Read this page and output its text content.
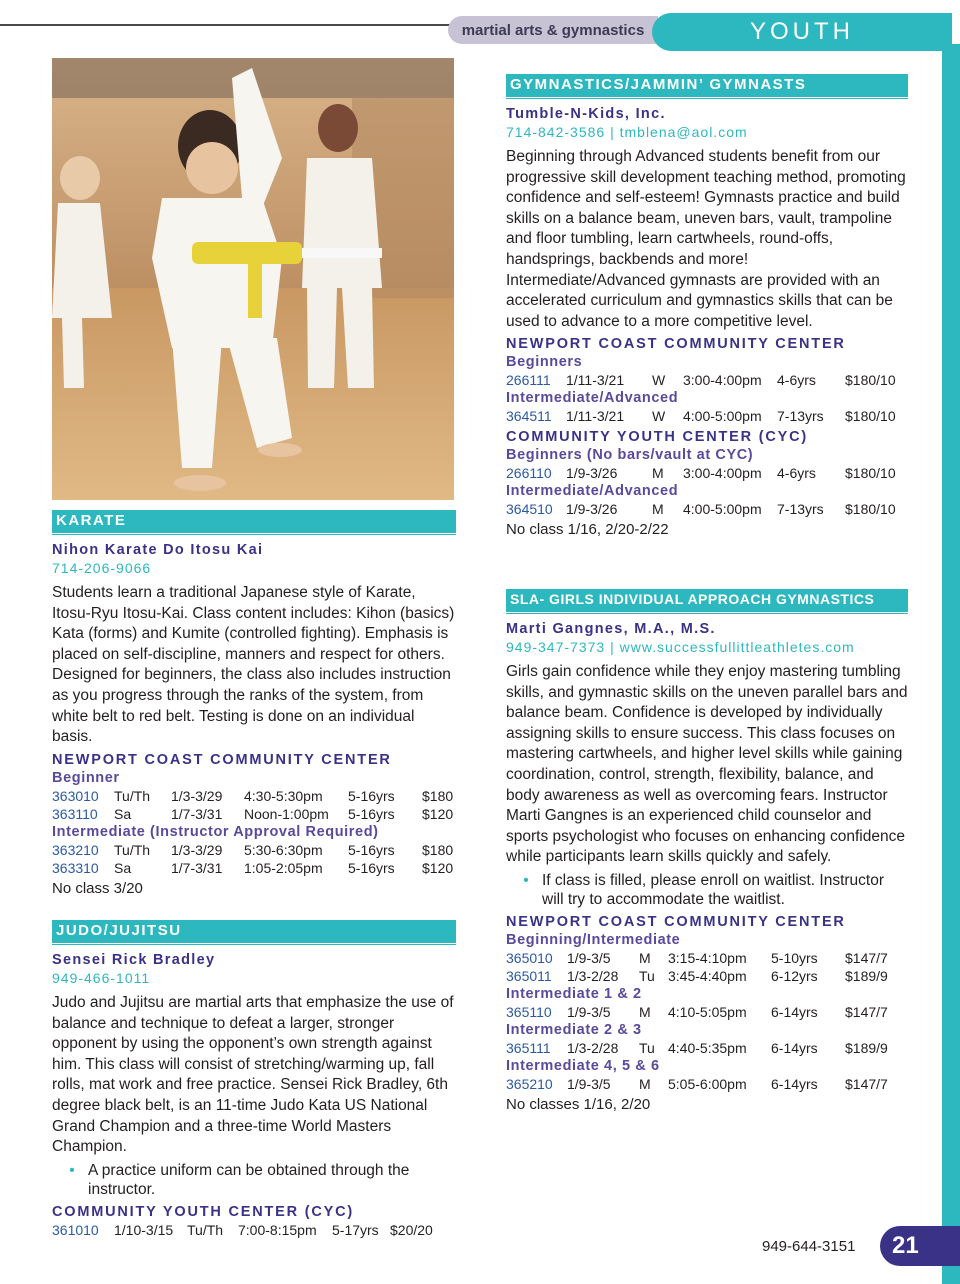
martial arts & gymnastics	YOUTH
KARATE
Nihon Karate Do Itosu Kai
714-206-9066
Students learn a traditional Japanese style of Karate, Itosu-Ryu Itosu-Kai. Class content includes: Kihon (basics) Kata (forms) and Kumite (controlled fighting). Emphasis is placed on self-discipline, manners and respect for others. Designed for beginners, the class also includes instruction as you progress through the ranks of the system, from white belt to red belt. Testing is done on an individual basis.
NEWPORT COAST COMMUNITY CENTER
Beginner
363010	Tu/Th	1/3-3/29	4:30-5:30pm	5-16yrs	$180
363110	Sa	1/7-3/31	Noon-1:00pm	5-16yrs	$120
Intermediate (Instructor Approval Required)
363210	Tu/Th	1/3-3/29	5:30-6:30pm	5-16yrs	$180
363310	Sa	1/7-3/31	1:05-2:05pm	5-16yrs	$120
No class 3/20
JUDO/JUJITSU
Sensei Rick Bradley
949-466-1011
Judo and Jujitsu are martial arts that emphasize the use of balance and technique to defeat a larger, stronger opponent by using the opponent’s own strength against him. This class will consist of stretching/warming up, fall rolls, mat work and free practice. Sensei Rick Bradley, 6th degree black belt, is an 11-time Judo Kata US National Grand Champion and a three-time World Masters Champion.
• A practice uniform can be obtained through the instructor.
COMMUNITY YOUTH CENTER (CYC)
361010	1/10-3/15 Tu/Th	7:00-8:15pm	5-17yrs $20/20
GYMNASTICS/JAMMIN’ GYMNASTS
Tumble-N-Kids, Inc.
714-842-3586 | tmblena@aol.com
Beginning through Advanced students benefit from our progressive skill development teaching method, promoting confidence and self-esteem! Gymnasts practice and build skills on a balance beam, uneven bars, vault, trampoline and floor tumbling, learn cartwheels, round-offs, handsprings, backbends and more! Intermediate/Advanced gymnasts are provided with an accelerated curriculum and gymnastics skills that can be used to advance to a more competitive level.
NEWPORT COAST COMMUNITY CENTER
Beginners
266111	1/11-3/21	W	3:00-4:00pm	4-6yrs	$180/10
Intermediate/Advanced
364511	1/11-3/21	W	4:00-5:00pm	7-13yrs	$180/10
COMMUNITY YOUTH CENTER (CYC)
Beginners (No bars/vault at CYC)
266110	1/9-3/26	M	3:00-4:00pm	4-6yrs	$180/10
Intermediate/Advanced
364510 1/9-3/26	M	4:00-5:00pm	7-13yrs	$180/10
No class 1/16, 2/20-2/22
SLA- GIRLS INDIVIDUAL APPROACH GYMNASTICS
Marti Gangnes, M.A., M.S.
949-347-7373 | www.successfullittleathletes.com
Girls gain confidence while they enjoy mastering tumbling skills, and gymnastic skills on the uneven parallel bars and balance beam. Confidence is developed by individually assigning skills to ensure success. This class focuses on mastering cartwheels, and higher level skills while gaining coordination, control, strength, flexibility, balance, and body awareness as well as overcoming fears. Instructor Marti Gangnes is an experienced child counselor and sports psychologist who focuses on enhancing confidence while participants learn skills quickly and safely.
• If class is filled, please enroll on waitlist. Instructor will try to accommodate the waitlist.
NEWPORT COAST COMMUNITY CENTER
Beginning/Intermediate
365010	1/9-3/5	M	3:15-4:10pm	5-10yrs	$147/7
365011	1/3-2/28	Tu 3:45-4:40pm	6-12yrs	$189/9
Intermediate 1 & 2
365110	1/9-3/5	M	4:10-5:05pm	6-14yrs	$147/7
Intermediate 2 & 3
365111	1/3-2/28	Tu 4:40-5:35pm	6-14yrs	$189/9
Intermediate 4, 5 & 6
365210	1/9-3/5	M	5:05-6:00pm	6-14yrs	$147/7
No classes 1/16, 2/20
949-644-3151	21
